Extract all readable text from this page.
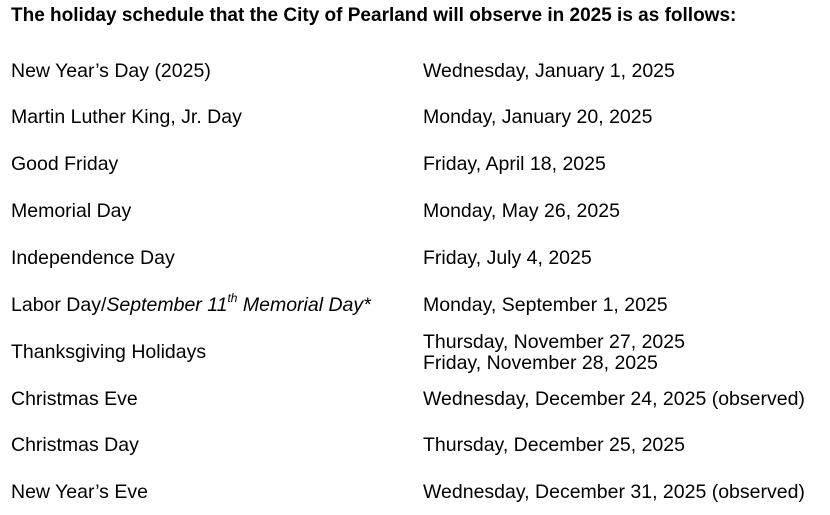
The holiday schedule that the City of Pearland will observe in 2025 is as follows:
New Year’s Day (2025)	Wednesday, January 1, 2025
Martin Luther King, Jr. Day	Monday, January 20, 2025
Good Friday	Friday, April 18, 2025
Memorial Day	Monday, May 26, 2025
Independence Day	Friday, July 4, 2025
Labor Day/September 11th Memorial Day*	Monday, September 1, 2025
Thanksgiving Holidays	Thursday, November 27, 2025
Friday, November 28, 2025
Christmas Eve	Wednesday, December 24, 2025 (observed)
Christmas Day	Thursday, December 25, 2025
New Year’s Eve	Wednesday, December 31, 2025 (observed)
